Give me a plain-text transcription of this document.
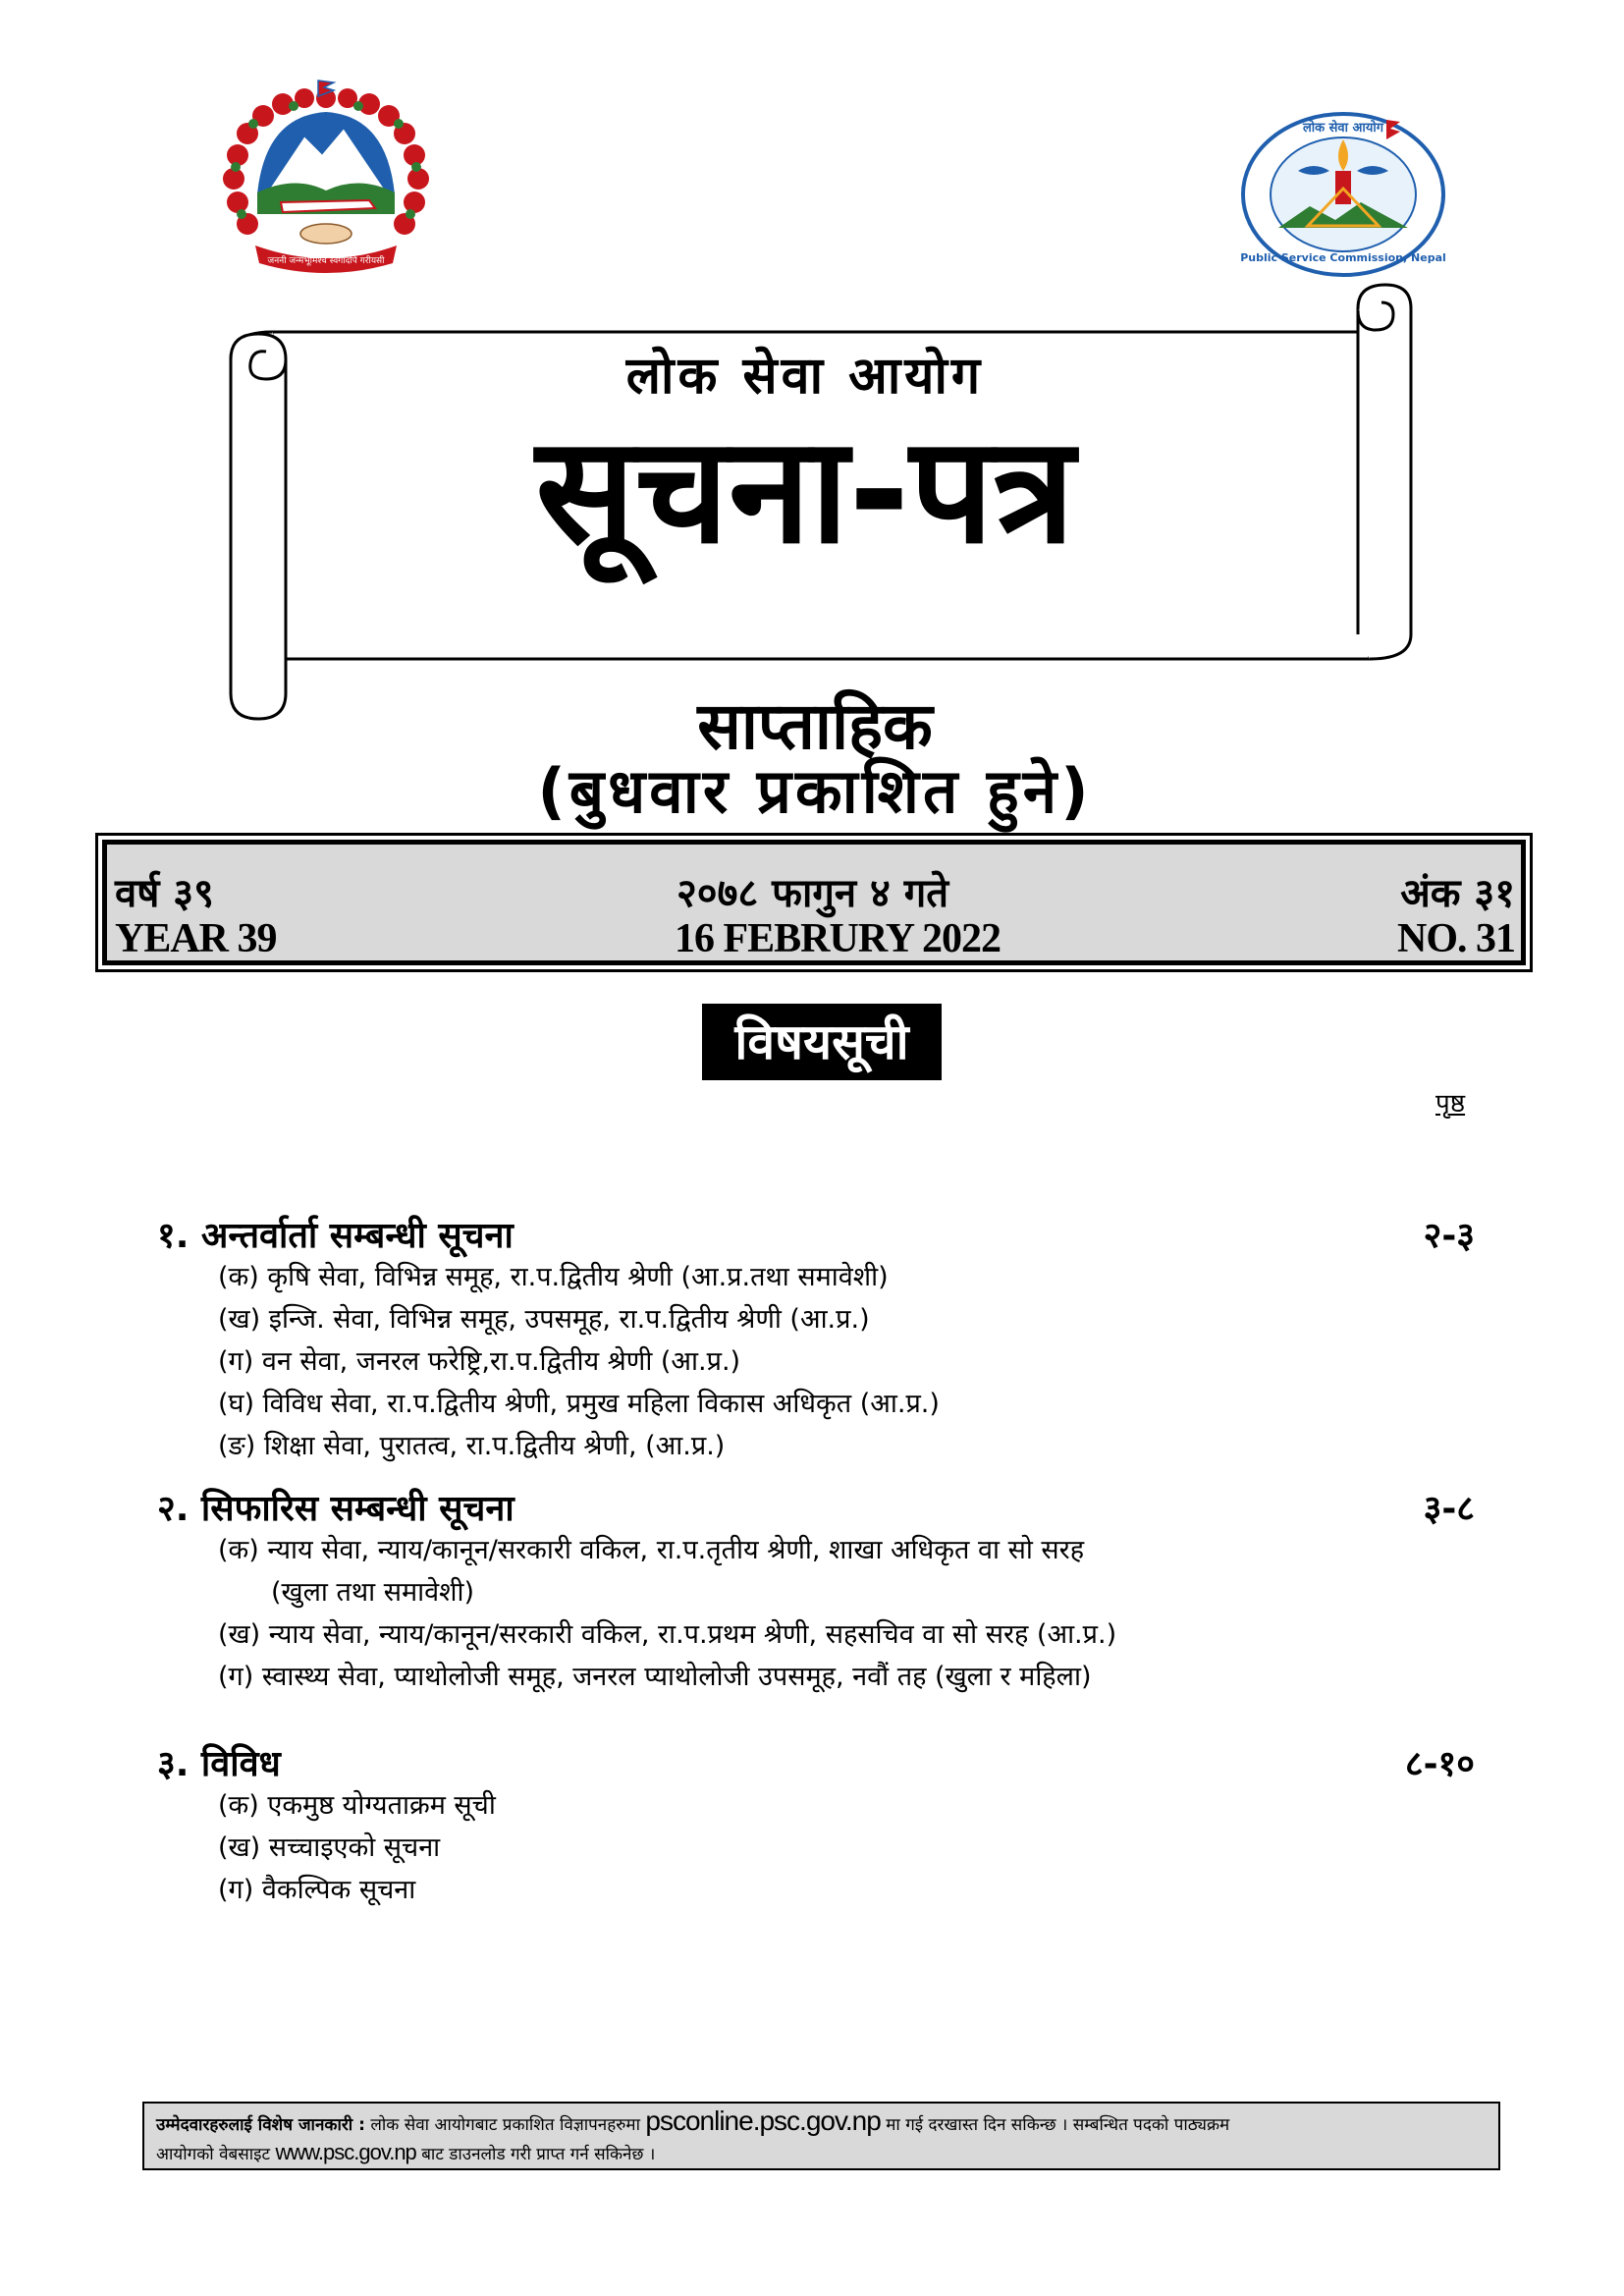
जननी जन्मभूमिश्च स्वर्गादपि गरीयसी
लोक सेवा आयोग
Public Service Commission, Nepal
लोक सेवा आयोग
सूचना-पत्र
साप्ताहिक
(बुधवार प्रकाशित हुने)
वर्ष ३९	२०७८ फागुन ४ गते	अंक ३१
YEAR 39	16 FEBRURY 2022	NO. 31
विषयसूची
पृष्ठ
१. अन्तर्वार्ता सम्बन्धी सूचना	२-३
(क) कृषि सेवा, विभिन्न समूह, रा.प.द्वितीय श्रेणी (आ.प्र.तथा समावेशी)
(ख) इन्जि. सेवा, विभिन्न समूह, उपसमूह, रा.प.द्वितीय श्रेणी (आ.प्र.)
(ग) वन सेवा, जनरल फरेष्ट्रि,रा.प.द्वितीय श्रेणी (आ.प्र.)
(घ) विविध सेवा, रा.प.द्वितीय श्रेणी, प्रमुख महिला विकास अधिकृत (आ.प्र.)
(ङ) शिक्षा सेवा, पुरातत्व, रा.प.द्वितीय श्रेणी, (आ.प्र.)
२. सिफारिस सम्बन्धी सूचना	३-८
(क) न्याय सेवा, न्याय/कानून/सरकारी वकिल, रा.प.तृतीय श्रेणी, शाखा अधिकृत वा सो सरह
(खुला तथा समावेशी)
(ख) न्याय सेवा, न्याय/कानून/सरकारी वकिल, रा.प.प्रथम श्रेणी, सहसचिव वा सो सरह (आ.प्र.)
(ग) स्वास्थ्य सेवा, प्याथोलोजी समूह, जनरल प्याथोलोजी उपसमूह, नवौं तह (खुला र महिला)
३. विविध	८-१०
(क) एकमुष्ठ योग्यताक्रम सूची
(ख) सच्चाइएको सूचना
(ग) वैकल्पिक सूचना
उम्मेदवारहरुलाई विशेष जानकारी : लोक सेवा आयोगबाट प्रकाशित विज्ञापनहरुमा psconline.psc.gov.np मा गई दरखास्त दिन सकिन्छ । सम्बन्धित पदको पाठ्यक्रम
आयोगको वेबसाइट www.psc.gov.np बाट डाउनलोड गरी प्राप्त गर्न सकिनेछ ।
